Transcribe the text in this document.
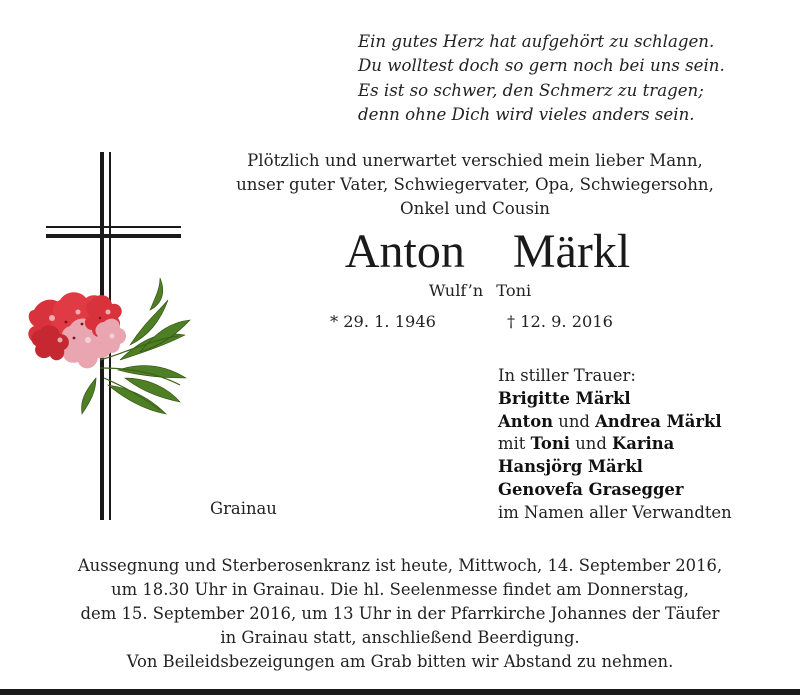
Ein gutes Herz hat aufgehört zu schlagen.
Du wolltest doch so gern noch bei uns sein.
Es ist so schwer, den Schmerz zu tragen;
denn ohne Dich wird vieles anders sein.
Plötzlich und unerwartet verschied mein lieber Mann,
unser guter Vater, Schwiegervater, Opa, Schwiegersohn,
Onkel und Cousin
Anton  Märkl
Wulf’n Toni
* 29. 1. 1946	† 12. 9. 2016
In stiller Trauer:
Brigitte Märkl
Anton und Andrea Märkl
mit Toni und Karina
Hansjörg Märkl
Genovefa Grasegger
im Namen aller Verwandten
Grainau
Aussegnung und Sterberosenkranz ist heute, Mittwoch, 14. September 2016,
um 18.30 Uhr in Grainau. Die hl. Seelenmesse findet am Donnerstag,
dem 15. September 2016, um 13 Uhr in der Pfarrkirche Johannes der Täufer
in Grainau statt, anschließend Beerdigung.
Von Beileidsbezeigungen am Grab bitten wir Abstand zu nehmen.
